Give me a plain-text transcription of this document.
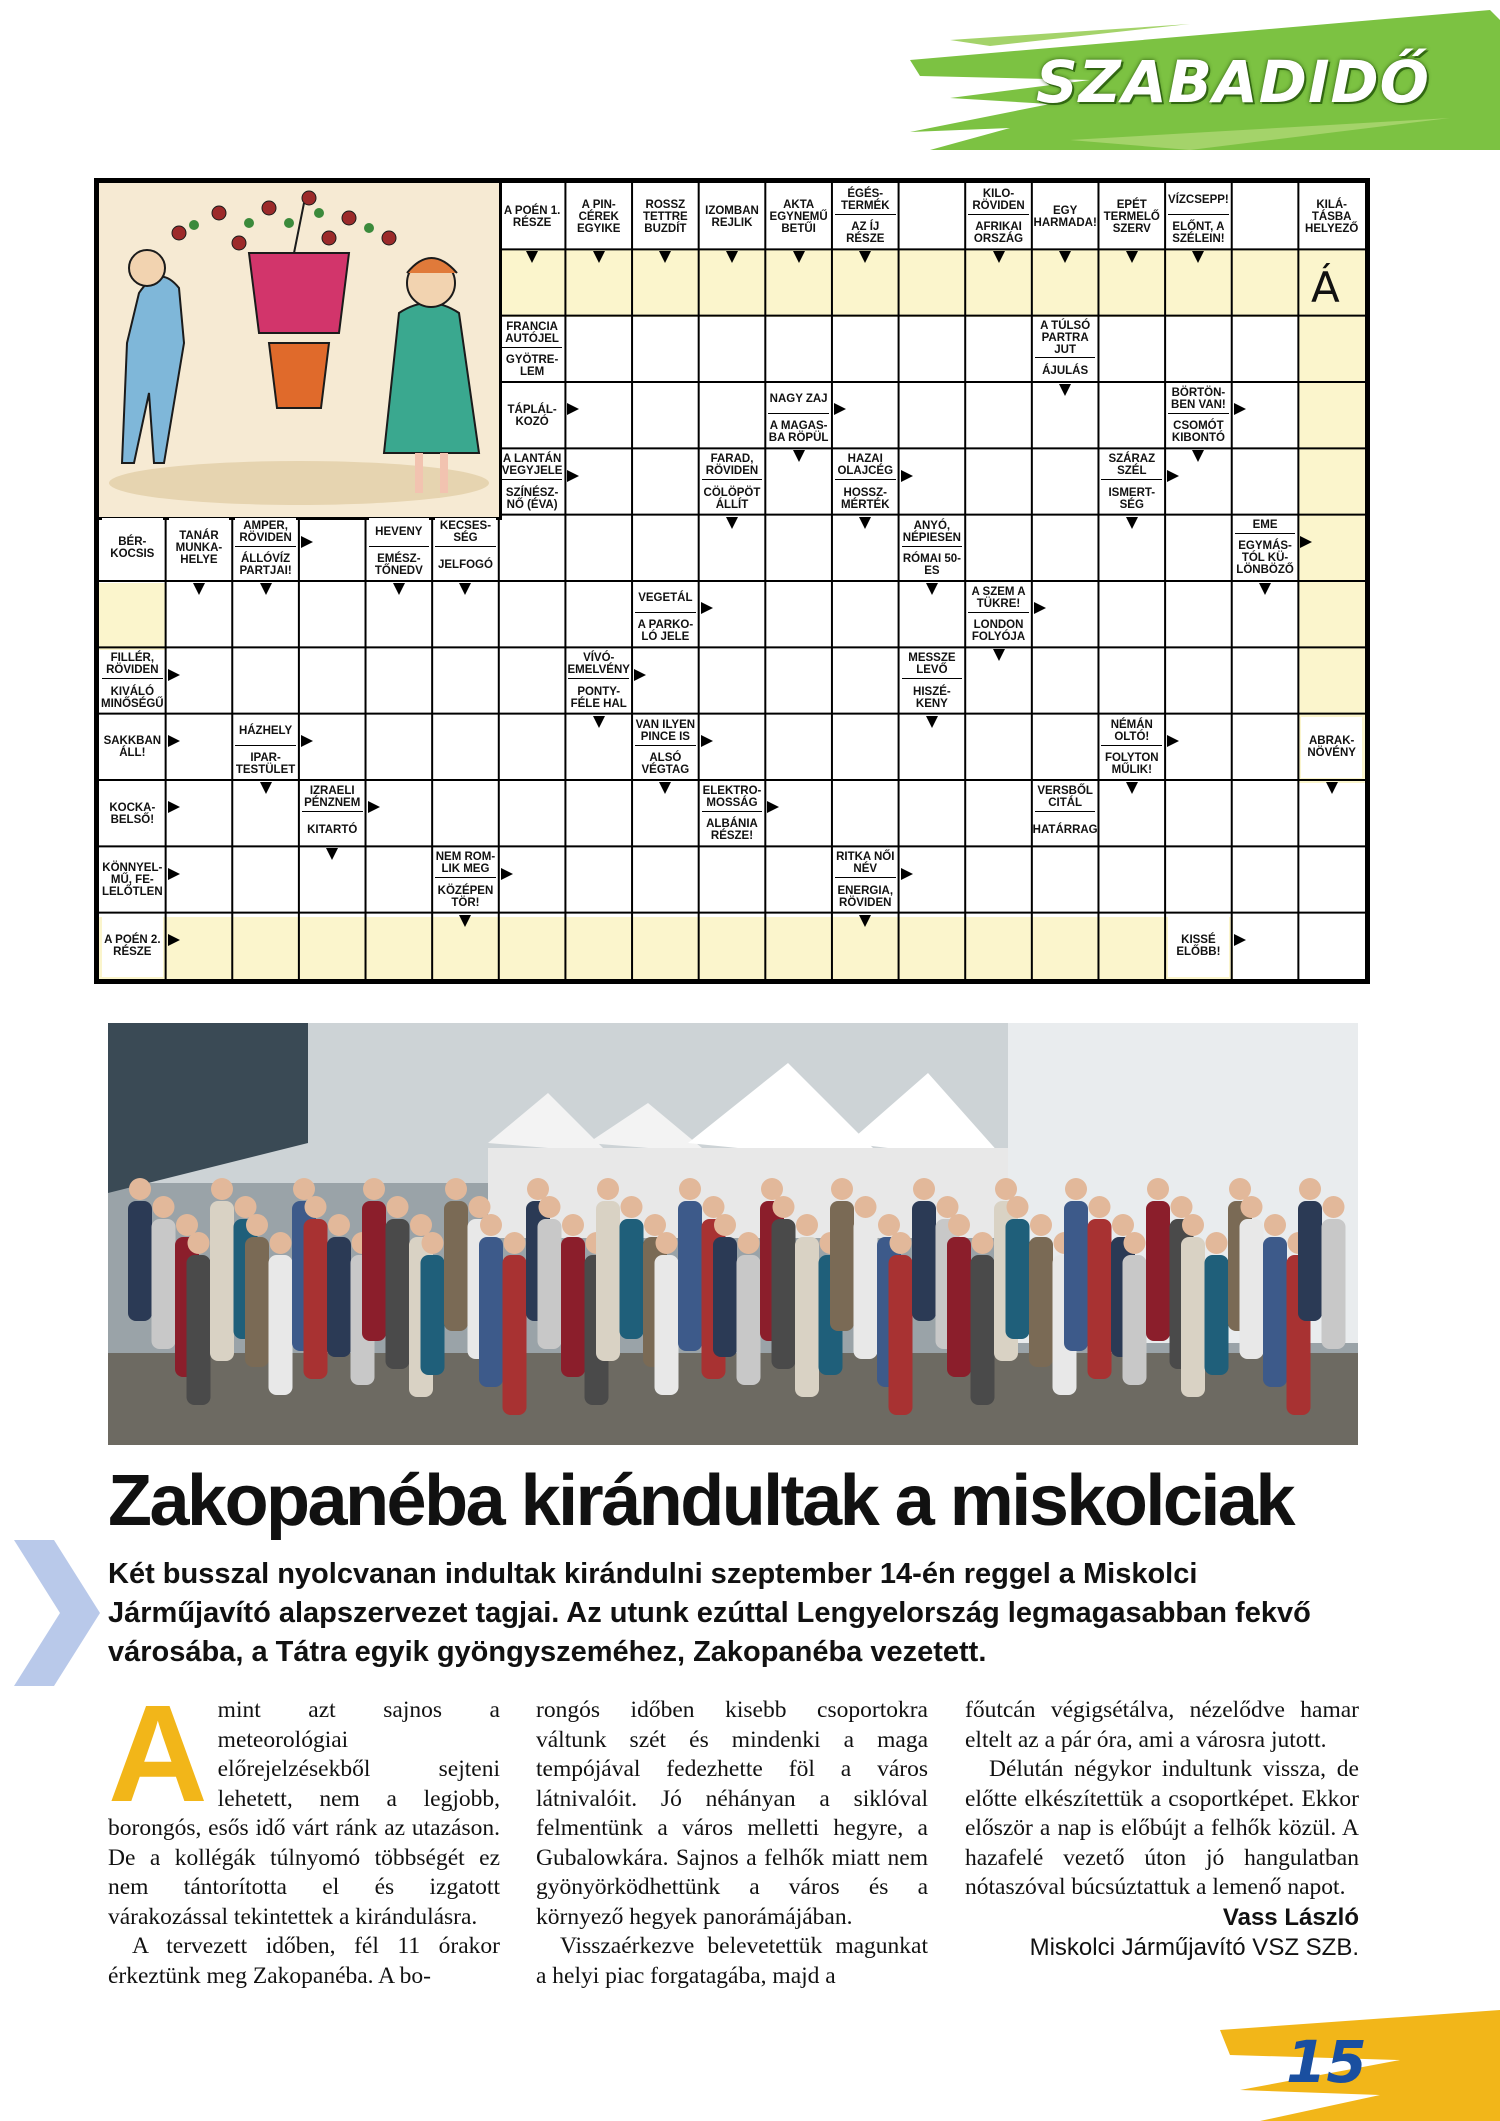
SZABADIDŐ
A POÉN 1. RÉSZE
A PIN-CÉREK EGYIKE
ROSSZ TETTRE BUZDÍT
IZOMBAN REJLIK
AKTA EGYNEMŰ BETŰI
ÉGÉS-TERMÉK
AZ ÍJ RÉSZE
KILO-RÖVIDEN
AFRIKAI ORSZÁG
EGY HARMADA!
EPÉT TERMELŐ SZERV
VÍZCSEPP!
ELŐNT, A SZÉLEIN!
KILÁ-TÁSBA HELYEZŐ
FRANCIA AUTÓJEL
GYÖTRE-LEM
A TÚLSÓ PARTRA JUT
ÁJULÁS
TÁPLÁL-KOZÓ
NAGY ZAJ
A MAGAS-BA RÖPÜL
BÖRTÖN-BEN VAN!
CSOMÓT KIBONTÓ
A LANTÁN VEGYJELE
SZÍNÉSZ-NŐ (ÉVA)
FARAD, RÖVIDEN
CÖLÖPÖT ÁLLÍT
HAZAI OLAJCÉG
HOSSZ-MÉRTÉK
SZÁRAZ SZÉL
ISMERT-SÉG
BÉR-KOCSIS
TANÁR MUNKA-HELYE
AMPER, RÖVIDEN
ÁLLÓVÍZ PARTJAI!
HEVENY
EMÉSZ-TŐNEDV
KECSES-SÉG
JELFOGÓ
ANYÓ, NÉPIESEN
RÓMAI 50-ES
EME
EGYMÁS-TÓL KÜ-LÖNBÖZŐ
VEGETÁL
A PARKO-LÓ JELE
A SZEM A TÜKRE!
LONDON FOLYÓJA
FILLÉR, RÖVIDEN
KIVÁLÓ MINŐSÉGŰ
VÍVÓ-EMELVÉNY
PONTY-FÉLE HAL
MESSZE LEVŐ
HISZÉ-KENY
SAKKBAN ÁLL!
HÁZHELY
IPAR-TESTÜLET
VAN ILYEN PINCE IS
ALSÓ VÉGTAG
NÉMÁN OLTÓ!
FOLYTON MŰLIK!
ABRAK-NÖVÉNY
KOCKA-BELSŐ!
IZRAELI PÉNZNEM
KITARTÓ
ELEKTRO-MOSSÁG
ALBÁNIA RÉSZE!
VERSBŐL CITÁL
HATÁRRAG
KÖNNYEL-MŰ, FE-LELŐTLEN
NEM ROM-LIK MEG
KÖZÉPEN TÖR!
RITKA NŐI NÉV
ENERGIA, RÖVIDEN
A POÉN 2. RÉSZE
KISSÉ ELŐBB!
Á
Zakopanéba kirándultak a miskolciak
Két busszal nyolcvanan indultak kirándulni szeptember 14-én reggel a Miskolci Járműjavító alapszervezet tagjai. Az utunk ezúttal Lengyelország legmagasabban fekvő városába, a Tátra egyik gyöngyszeméhez, Zakopanéba vezetett.
A mint azt sajnos a meteorológiai előrejelzésekből sejteni lehetett, nem a legjobb, borongós, esős idő várt ránk az utazáson. De a kollégák túlnyomó többségét ez nem tántorította el és izgatott várakozással tekintettek a kirándulásra.

A tervezett időben, fél 11 órakor érkeztünk meg Zakopanéba. A bo-

rongós időben kisebb csoportokra váltunk szét és mindenki a maga tempójával fedezhette föl a város látnivalóit. Jó néhányan a siklóval felmentünk a város melletti hegyre, a Gubalowkára. Sajnos a felhők miatt nem gyönyörködhettünk a város és a környező hegyek panorámájában.

Visszaérkezve belevetettük magunkat a helyi piac forgatagába, majd a

főutcán végigsétálva, nézelődve hamar eltelt az a pár óra, ami a városra jutott.

Délután négykor indultunk vissza, de előtte elkészítettük a csoportképet. Ekkor először a nap is előbújt a felhők közül. A hazafelé vezető úton jó hangulatban nótaszóval búcsúztattuk a lemenő napot.

Vass László
Miskolci Járműjavító VSZ SZB.
15
